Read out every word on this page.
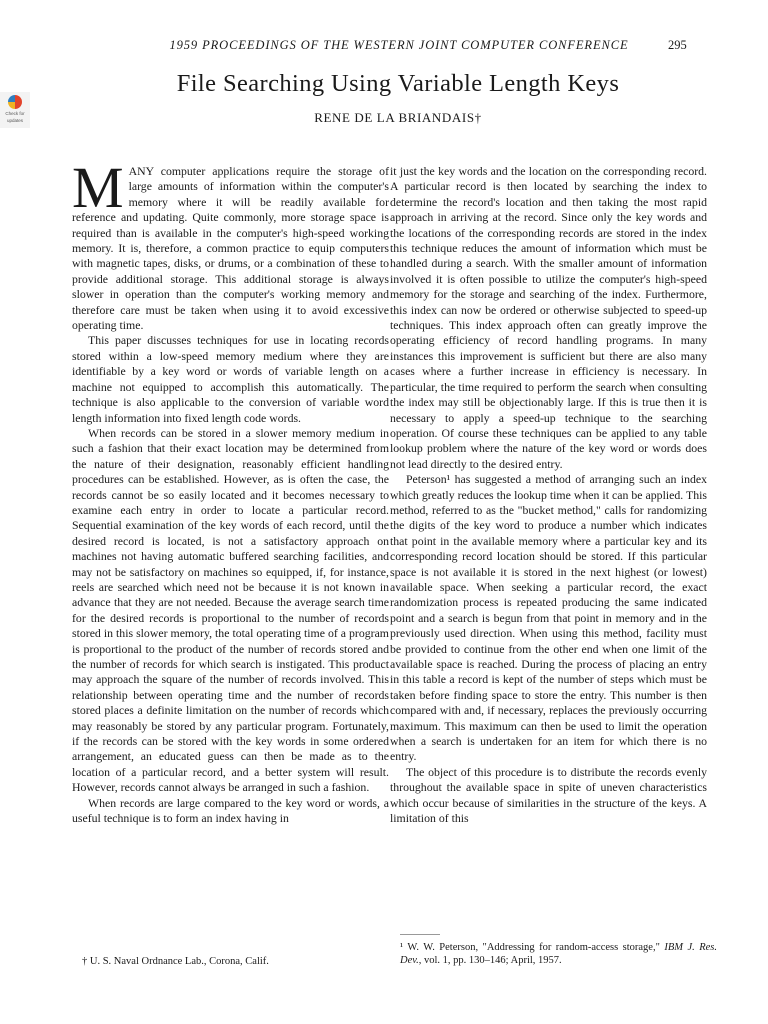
1959 PROCEEDINGS OF THE WESTERN JOINT COMPUTER CONFERENCE	295
Check for
updates
File Searching Using Variable Length Keys
RENE DE LA BRIANDAIS†

MANY computer applications require the storage of large amounts of information within the computer's memory where it will be readily available for reference and updating. Quite commonly, more storage space is required than is available in the computer's high-speed working memory. It is, therefore, a common practice to equip computers with magnetic tapes, disks, or drums, or a combination of these to provide additional storage. This additional storage is always slower in operation than the computer's working memory and therefore care must be taken when using it to avoid excessive operating time.

This paper discusses techniques for use in locating records stored within a low-speed memory medium where they are identifiable by a key word or words of variable length on a machine not equipped to accomplish this automatically. The technique is also applicable to the conversion of variable word length information into fixed length code words.

When records can be stored in a slower memory medium in such a fashion that their exact location may be determined from the nature of their designation, reasonably efficient handling procedures can be established. However, as is often the case, the records cannot be so easily located and it becomes necessary to examine each entry in order to locate a particular record. Sequential examination of the key words of each record, until the desired record is located, is not a satisfactory approach on machines not having automatic buffered searching facilities, and may not be satisfactory on machines so equipped, if, for instance, reels are searched which need not be because it is not known in advance that they are not needed. Because the average search time for the desired records is proportional to the number of records stored in this slower memory, the total operating time of a program is proportional to the product of the number of records stored and the number of records for which search is instigated. This product may approach the square of the number of records involved. This relationship between operating time and the number of records stored places a definite limitation on the number of records which may reasonably be stored by any particular program. Fortunately, if the records can be stored with the key words in some ordered arrangement, an educated guess can then be made as to the location of a particular record, and a better system will result. However, records cannot always be arranged in such a fashion.

When records are large compared to the key word or words, a useful technique is to form an index having in

it just the key words and the location on the corresponding record. A particular record is then located by searching the index to determine the record's location and then taking the most rapid approach in arriving at the record. Since only the key words and the locations of the corresponding records are stored in the index this technique reduces the amount of information which must be handled during a search. With the smaller amount of information involved it is often possible to utilize the computer's high-speed memory for the storage and searching of the index. Furthermore, this index can now be ordered or otherwise subjected to speed-up techniques. This index approach often can greatly improve the operating efficiency of record handling programs. In many instances this improvement is sufficient but there are also many cases where a further increase in efficiency is necessary. In particular, the time required to perform the search when consulting the index may still be objectionably large. If this is true then it is necessary to apply a speed-up technique to the searching operation. Of course these techniques can be applied to any table lookup problem where the nature of the key word or words does not lead directly to the desired entry.

Peterson¹ has suggested a method of arranging such an index which greatly reduces the lookup time when it can be applied. This method, referred to as the "bucket method," calls for randomizing the digits of the key word to produce a number which indicates that point in the available memory where a particular key and its corresponding record location should be stored. If this particular space is not available it is stored in the next highest (or lowest) available space. When seeking a particular record, the exact randomization process is repeated producing the same indicated point and a search is begun from that point in memory and in the previously used direction. When using this method, facility must be provided to continue from the other end when one limit of the available space is reached. During the process of placing an entry in this table a record is kept of the number of steps which must be taken before finding space to store the entry. This number is then compared with and, if necessary, replaces the previously occurring maximum. This maximum can then be used to limit the operation when a search is undertaken for an item for which there is no entry.

The object of this procedure is to distribute the records evenly throughout the available space in spite of uneven characteristics which occur because of similarities in the structure of the keys. A limitation of this

¹ W. W. Peterson, "Addressing for random-access storage," IBM J. Res. Dev., vol. 1, pp. 130–146; April, 1957.
† U. S. Naval Ordnance Lab., Corona, Calif.
